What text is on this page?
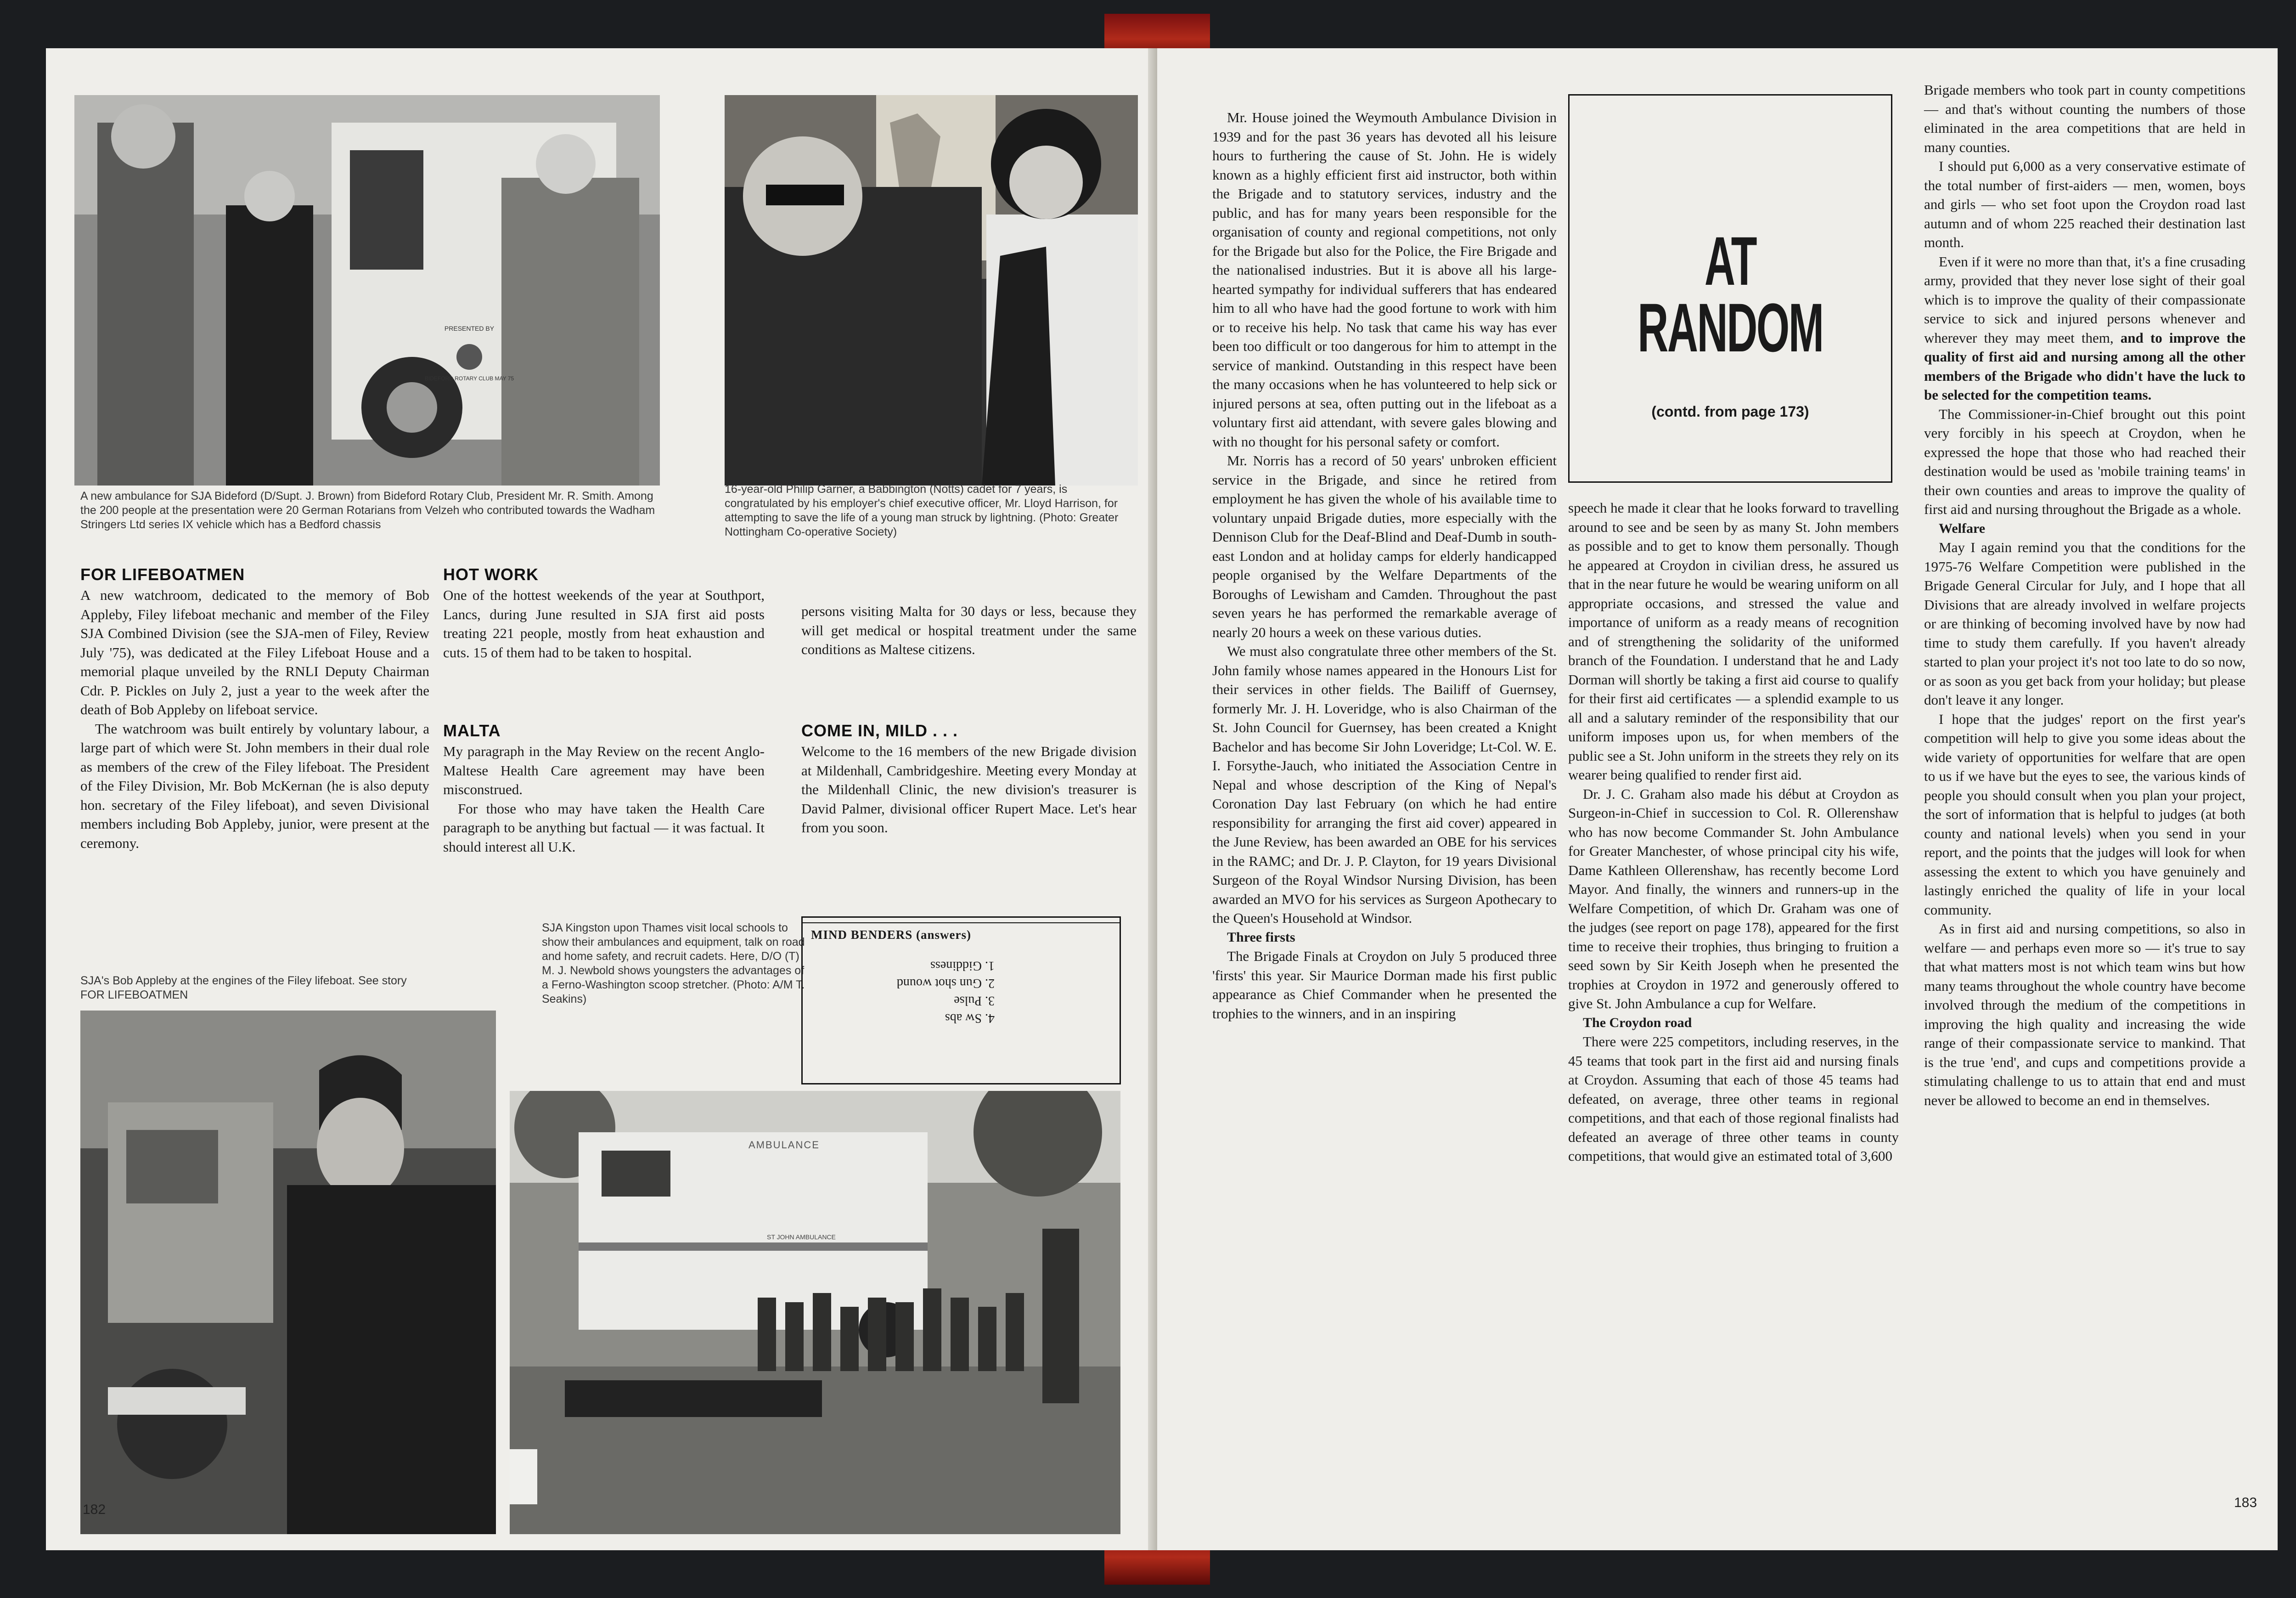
PRESENTED BY
BIDEFORD ROTARY CLUB MAY 75
A new ambulance for SJA Bideford (D/Supt. J. Brown) from Bideford Rotary Club, President Mr. R. Smith. Among the 200 people at the presentation were 20 German Rotarians from Velzeh who contributed towards the Wadham Stringers Ltd series IX vehicle which has a Bedford chassis
16-year-old Philip Garner, a Babbington (Notts) cadet for 7 years, is congratulated by his employer's chief executive officer, Mr. Lloyd Harrison, for attempting to save the life of a young man struck by lightning. (Photo: Greater Nottingham Co-operative Society)
FOR LIFEBOATMEN

A new watchroom, dedicated to the memory of Bob Appleby, Filey lifeboat mechanic and member of the Filey SJA Combined Division (see the SJA-men of Filey, Review July '75), was dedicated at the Filey Lifeboat House and a memorial plaque unveiled by the RNLI Deputy Chairman Cdr. P. Pickles on July 2, just a year to the week after the death of Bob Appleby on lifeboat service.

The watchroom was built entirely by voluntary labour, a large part of which were St. John members in their dual role as members of the crew of the Filey lifeboat. The President of the Filey Division, Mr. Bob McKernan (he is also deputy hon. secretary of the Filey lifeboat), and seven Divisional members including Bob Appleby, junior, were present at the ceremony.

SJA's Bob Appleby at the engines of the Filey lifeboat. See story FOR LIFEBOATMEN
HOT WORK

One of the hottest weekends of the year at Southport, Lancs, during June resulted in SJA first aid posts treating 221 people, mostly from heat exhaustion and cuts. 15 of them had to be taken to hospital.

MALTA

My paragraph in the May Review on the recent Anglo-Maltese Health Care agreement may have been misconstrued.

For those who may have taken the Health Care paragraph to be anything but factual — it was factual. It should interest all U.K.

persons visiting Malta for 30 days or less, because they will get medical or hospital treatment under the same conditions as Maltese citizens.

COME IN, MILD . . .

Welcome to the 16 members of the new Brigade division at Mildenhall, Cambridgeshire. Meeting every Monday at the Mildenhall Clinic, the new division's treasurer is David Palmer, divisional officer Rupert Mace. Let's hear from you soon.

SJA Kingston upon Thames visit local schools to show their ambulances and equipment, talk on road and home safety, and recruit cadets. Here, D/O (T) M. J. Newbold shows youngsters the advantages of a Ferno-Washington scoop stretcher. (Photo: A/M T. Seakins)
MIND BENDERS (answers)
4. Sw abs
3. Pulse
2. Gun shot wound
1. Giddiness
AMBULANCE
ST JOHN AMBULANCE
182

Mr. House joined the Weymouth Ambulance Division in 1939 and for the past 36 years has devoted all his leisure hours to furthering the cause of St. John. He is widely known as a highly efficient first aid instructor, both within the Brigade and to statutory services, industry and the public, and has for many years been responsible for the organisation of county and regional competitions, not only for the Brigade but also for the Police, the Fire Brigade and the nationalised industries. But it is above all his large-hearted sympathy for individual sufferers that has endeared him to all who have had the good fortune to work with him or to receive his help. No task that came his way has ever been too difficult or too dangerous for him to attempt in the service of mankind. Outstanding in this respect have been the many occasions when he has volunteered to help sick or injured persons at sea, often putting out in the lifeboat as a voluntary first aid attendant, with severe gales blowing and with no thought for his personal safety or comfort.

Mr. Norris has a record of 50 years' unbroken efficient service in the Brigade, and since he retired from employment he has given the whole of his available time to voluntary unpaid Brigade duties, more especially with the Dennison Club for the Deaf-Blind and Deaf-Dumb in south-east London and at holiday camps for elderly handicapped people organised by the Welfare Departments of the Boroughs of Lewisham and Camden. Throughout the past seven years he has performed the remarkable average of nearly 20 hours a week on these various duties.

We must also congratulate three other members of the St. John family whose names appeared in the Honours List for their services in other fields. The Bailiff of Guernsey, formerly Mr. J. H. Loveridge, who is also Chairman of the St. John Council for Guernsey, has been created a Knight Bachelor and has become Sir John Loveridge; Lt-Col. W. E. I. Forsythe-Jauch, who initiated the Association Centre in Nepal and whose description of the King of Nepal's Coronation Day last February (on which he had entire responsibility for arranging the first aid cover) appeared in the June Review, has been awarded an OBE for his services in the RAMC; and Dr. J. P. Clayton, for 19 years Divisional Surgeon of the Royal Windsor Nursing Division, has been awarded an MVO for his services as Surgeon Apothecary to the Queen's Household at Windsor.

Three firsts

The Brigade Finals at Croydon on July 5 produced three 'firsts' this year. Sir Maurice Dorman made his first public appearance as Chief Commander when he presented the trophies to the winners, and in an inspiring

AT
RANDOM
(contd. from page 173)

speech he made it clear that he looks forward to travelling around to see and be seen by as many St. John members as possible and to get to know them personally. Though he appeared at Croydon in civilian dress, he assured us that in the near future he would be wearing uniform on all appropriate occasions, and stressed the value and importance of uniform as a ready means of recognition and of strengthening the solidarity of the uniformed branch of the Foundation. I understand that he and Lady Dorman will shortly be taking a first aid course to qualify for their first aid certificates — a splendid example to us all and a salutary reminder of the responsibility that our uniform imposes upon us, for when members of the public see a St. John uniform in the streets they rely on its wearer being qualified to render first aid.

Dr. J. C. Graham also made his début at Croydon as Surgeon-in-Chief in succession to Col. R. Ollerenshaw who has now become Commander St. John Ambulance for Greater Manchester, of whose principal city his wife, Dame Kathleen Ollerenshaw, has recently become Lord Mayor. And finally, the winners and runners-up in the Welfare Competition, of which Dr. Graham was one of the judges (see report on page 178), appeared for the first time to receive their trophies, thus bringing to fruition a seed sown by Sir Keith Joseph when he presented the trophies at Croydon in 1972 and generously offered to give St. John Ambulance a cup for Welfare.

The Croydon road

There were 225 competitors, including reserves, in the 45 teams that took part in the first aid and nursing finals at Croydon. Assuming that each of those 45 teams had defeated, on average, three other teams in regional competitions, and that each of those regional finalists had defeated an average of three other teams in county competitions, that would give an estimated total of 3,600

Brigade members who took part in county competitions — and that's without counting the numbers of those eliminated in the area competitions that are held in many counties.

I should put 6,000 as a very conservative estimate of the total number of first-aiders — men, women, boys and girls — who set foot upon the Croydon road last autumn and of whom 225 reached their destination last month.

Even if it were no more than that, it's a fine crusading army, provided that they never lose sight of their goal which is to improve the quality of their compassionate service to sick and injured persons whenever and wherever they may meet them, and to improve the quality of first aid and nursing among all the other members of the Brigade who didn't have the luck to be selected for the competition teams.

The Commissioner-in-Chief brought out this point very forcibly in his speech at Croydon, when he expressed the hope that those who had reached their destination would be used as 'mobile training teams' in their own counties and areas to improve the quality of first aid and nursing throughout the Brigade as a whole.

Welfare

May I again remind you that the conditions for the 1975-76 Welfare Competition were published in the Brigade General Circular for July, and I hope that all Divisions that are already involved in welfare projects or are thinking of becoming involved have by now had time to study them carefully. If you haven't already started to plan your project it's not too late to do so now, or as soon as you get back from your holiday; but please don't leave it any longer.

I hope that the judges' report on the first year's competition will help to give you some ideas about the wide variety of opportunities for welfare that are open to us if we have but the eyes to see, the various kinds of people you should consult when you plan your project, the sort of information that is helpful to judges (at both county and national levels) when you send in your report, and the points that the judges will look for when assessing the extent to which you have genuinely and lastingly enriched the quality of life in your local community.

As in first aid and nursing competitions, so also in welfare — and perhaps even more so — it's true to say that what matters most is not which team wins but how many teams throughout the whole country have become involved through the medium of the competitions in improving the high quality and increasing the wide range of their compassionate service to mankind. That is the true 'end', and cups and competitions provide a stimulating challenge to us to attain that end and must never be allowed to become an end in themselves.

183
